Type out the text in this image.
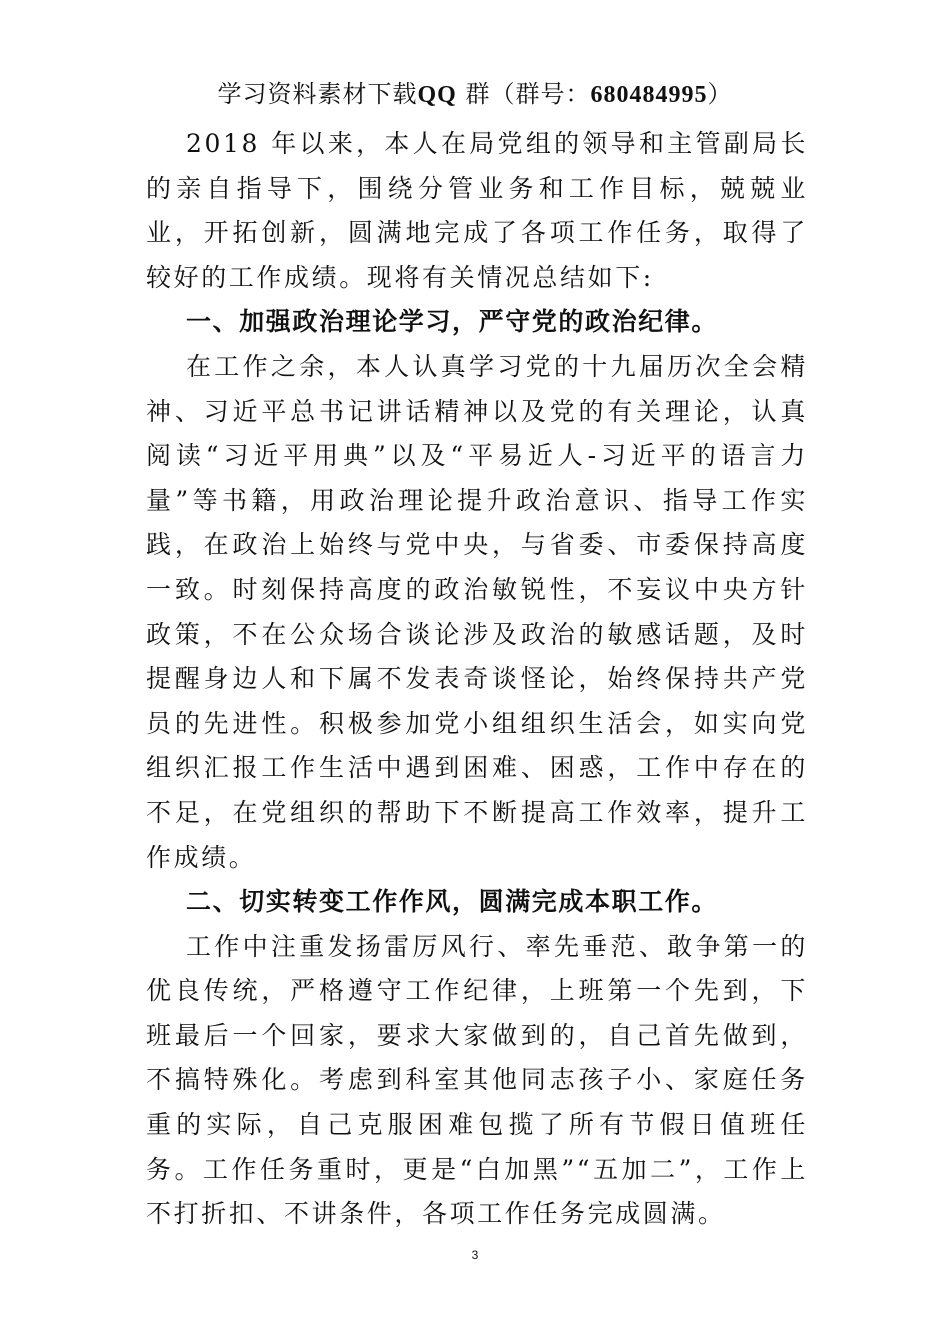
学习资料素材下载QQ 群（群号：680484995）

2018 年以来，本人在局党组的领导和主管副局长的亲自指导下，围绕分管业务和工作目标，兢兢业业，开拓创新，圆满地完成了各项工作任务，取得了较好的工作成绩。现将有关情况总结如下:

一、加强政治理论学习，严守党的政治纪律。

在工作之余，本人认真学习党的十九届历次全会精神、习近平总书记讲话精神以及党的有关理论，认真阅读“习近平用典”以及“平易近人-习近平的语言力量”等书籍，用政治理论提升政治意识、指导工作实践，在政治上始终与党中央，与省委、市委保持高度一致。时刻保持高度的政治敏锐性，不妄议中央方针政策，不在公众场合谈论涉及政治的敏感话题，及时提醒身边人和下属不发表奇谈怪论，始终保持共产党员的先进性。积极参加党小组组织生活会，如实向党组织汇报工作生活中遇到困难、困惑，工作中存在的不足，在党组织的帮助下不断提高工作效率，提升工作成绩。

二、切实转变工作作风，圆满完成本职工作。

工作中注重发扬雷厉风行、率先垂范、敢争第一的优良传统，严格遵守工作纪律，上班第一个先到，下班最后一个回家，要求大家做到的，自己首先做到，不搞特殊化。考虑到科室其他同志孩子小、家庭任务重的实际，自己克服困难包揽了所有节假日值班任务。工作任务重时，更是“白加黑”“五加二”，工作上不打折扣、不讲条件，各项工作任务完成圆满。

3
